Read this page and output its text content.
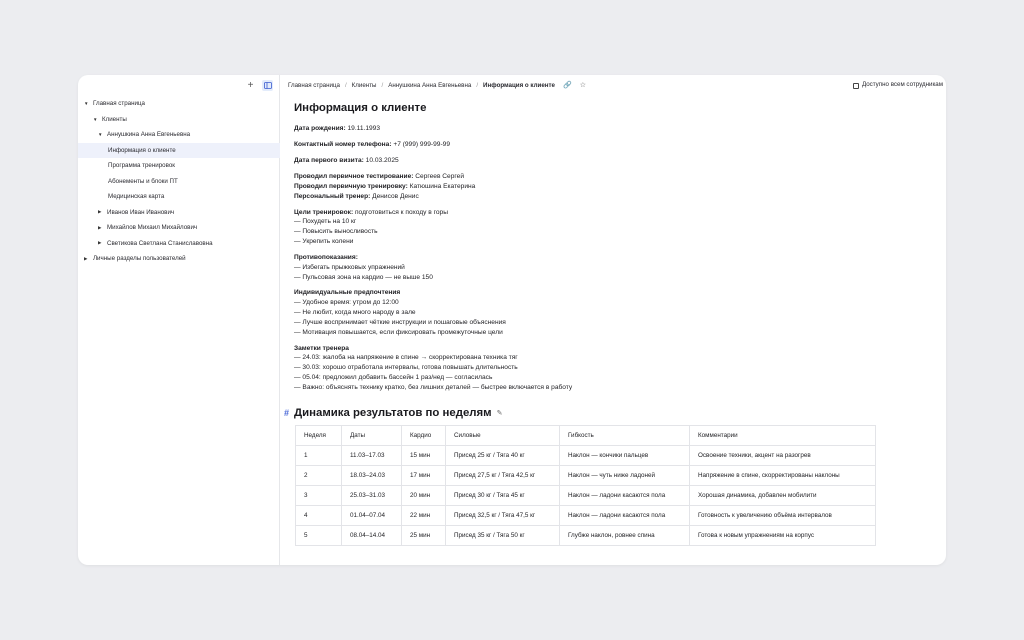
+
▼ Главная страница
▼ Клиенты
▼ Аннушкина Анна Евгеньевна
Информация о клиенте
Программа тренировок
Абонементы и блоки ПТ
Медицинская карта
▶ Иванов Иван Иванович
▶ Михайлов Михаил Михайлович
▶ Светикова Светлана Станиславовна
▶ Личные разделы пользователей
Главная страница / Клиенты / Аннушкина Анна Евгеньевна / Информация о клиенте 🔗 ☆	Доступно всем сотрудникам
Информация о клиенте
Дата рождения: 19.11.1993
Контактный номер телефона: +7 (999) 999-99-99
Дата первого визита: 10.03.2025
Проводил первичное тестирование: Сергеев Сергей
Проводил первичную тренировку: Катюшина Екатерина
Персональный тренер: Денисов Денис
Цели тренировок: подготовиться к походу в горы
— Похудеть на 10 кг
— Повысить выносливость
— Укрепить колени
Противопоказания:
— Избегать прыжковых упражнений
— Пульсовая зона на кардио — не выше 150
Индивидуальные предпочтения
— Удобное время: утром до 12:00
— Не любит, когда много народу в зале
— Лучше воспринимает чёткие инструкции и пошаговые объяснения
— Мотивация повышается, если фиксировать промежуточные цели
Заметки тренера
— 24.03: жалоба на напряжение в спине → скорректирована техника тяг
— 30.03: хорошо отработала интервалы, готова повышать длительность
— 05.04: предложил добавить бассейн 1 раз/нед — согласилась
— Важно: объяснять технику кратко, без лишних деталей — быстрее включается в работу
# Динамика результатов по неделям ✎
Неделя	Даты	Кардио	Силовые	Гибкость	Комментарии
1	11.03–17.03	15 мин	Присед 25 кг / Тяга 40 кг	Наклон — кончики пальцев	Освоение техники, акцент на разогрев
2	18.03–24.03	17 мин	Присед 27,5 кг / Тяга 42,5 кг	Наклон — чуть ниже ладоней	Напряжение в спине, скорректированы наклоны
3	25.03–31.03	20 мин	Присед 30 кг / Тяга 45 кг	Наклон — ладони касаются пола	Хорошая динамика, добавлен мобилити
4	01.04–07.04	22 мин	Присед 32,5 кг / Тяга 47,5 кг	Наклон — ладони касаются пола	Готовность к увеличению объёма интервалов
5	08.04–14.04	25 мин	Присед 35 кг / Тяга 50 кг	Глубже наклон, ровнее спина	Готова к новым упражнениям на корпус
